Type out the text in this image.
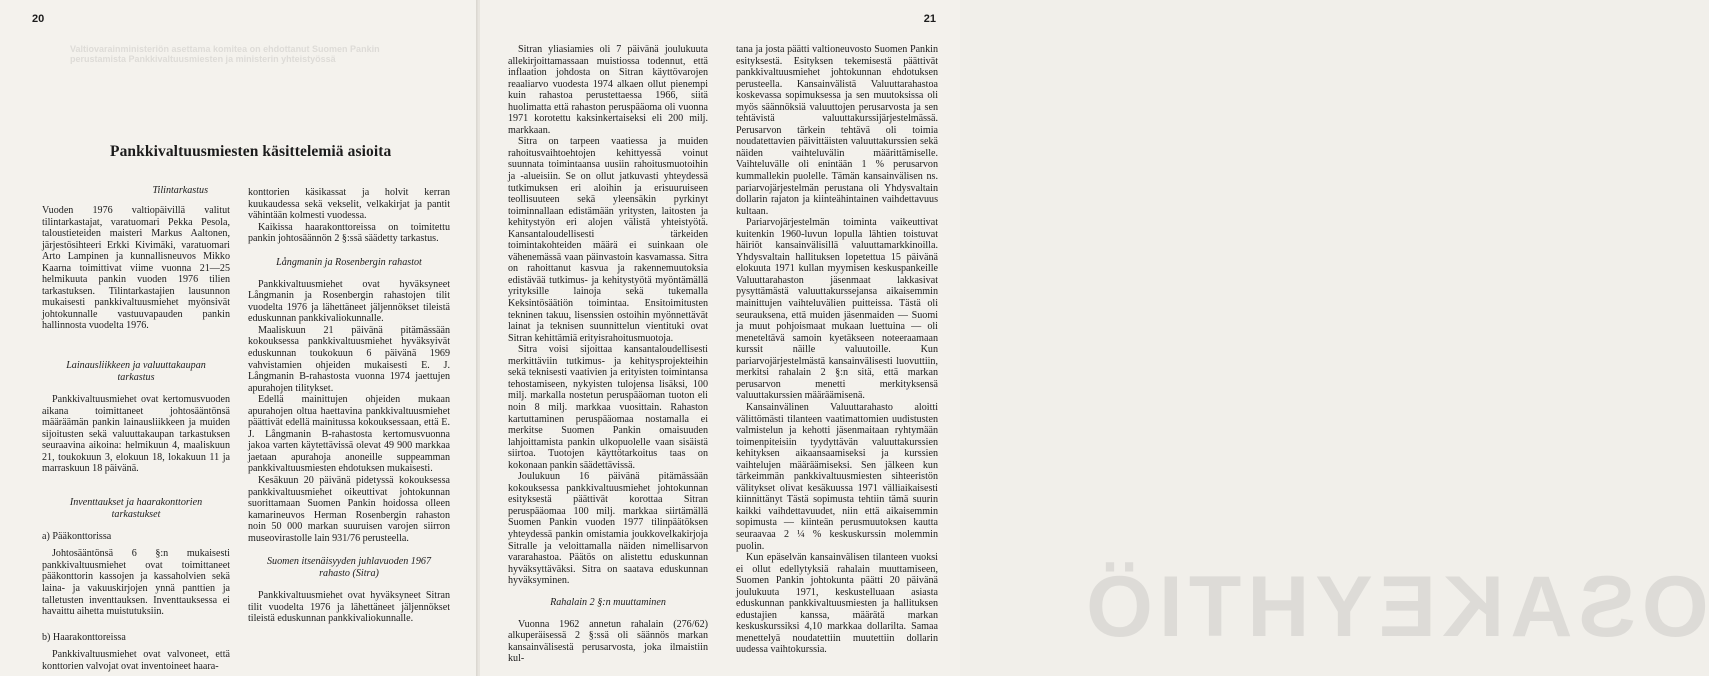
Valtiovarainministeriön asettama komitea on ehdottanut Suomen Pankin perustamista Pankkivaltuusmiesten ja ministerin yhteistyössä
20
Pankkivaltuusmiesten käsittelemiä asioita
Tilintarkastus

Vuoden 1976 valtiopäivillä valitut tilintarkastajat, varatuomari Pekka Pesola, taloustieteiden maisteri Markus Aaltonen, järjestösihteeri Erkki Kivimäki, varatuomari Arto Lampinen ja kunnallisneuvos Mikko Kaarna toimittivat viime vuonna 21—25 helmikuuta pankin vuoden 1976 tilien tarkastuksen. Tilintarkastajien lausunnon mukaisesti pankkivaltuusmiehet myönsivät johtokunnalle vastuuvapauden pankin hallinnosta vuodelta 1976.

Lainausliikkeen ja valuuttakaupan
tarkastus

Pankkivaltuusmiehet ovat kertomusvuoden aikana toimittaneet johtosääntönsä määräämän pankin lainausliikkeen ja muiden sijoitusten sekä valuuttakaupan tarkastuksen seuraavina aikoina: helmikuun 4, maaliskuun 21, toukokuun 3, elokuun 18, lokakuun 11 ja marraskuun 18 päivänä.

Inventtaukset ja haarakonttorien
tarkastukset

a) Pääkonttorissa

Johtosääntönsä 6 §:n mukaisesti pankkivaltuusmiehet ovat toimittaneet pääkonttorin kassojen ja kassaholvien sekä laina- ja vakuuskirjojen ynnä panttien ja talletusten inventtauksen. Inventtauksessa ei havaittu aihetta muistutuksiin.

b) Haarakonttoreissa

Pankkivaltuusmiehet ovat valvoneet, että konttorien valvojat ovat inventoineet haara-

konttorien käsikassat ja holvit kerran kuukaudessa sekä vekselit, velkakirjat ja pantit vähintään kolmesti vuodessa.

Kaikissa haarakonttoreissa on toimitettu pankin johtosäännön 2 §:ssä säädetty tarkastus.

Långmanin ja Rosenbergin rahastot

Pankkivaltuusmiehet ovat hyväksyneet Långmanin ja Rosenbergin rahastojen tilit vuodelta 1976 ja lähettäneet jäljennökset tileistä eduskunnan pankkivaliokunnalle.

Maaliskuun 21 päivänä pitämässään kokouksessa pankkivaltuusmiehet hyväksyivät eduskunnan toukokuun 6 päivänä 1969 vahvistamien ohjeiden mukaisesti E. J. Långmanin B-rahastosta vuonna 1974 jaettujen apurahojen tilitykset.

Edellä mainittujen ohjeiden mukaan apurahojen oltua haettavina pankkivaltuusmiehet päättivät edellä mainitussa kokouksessaan, että E. J. Långmanin B-rahastosta kertomusvuonna jakoa varten käytettävissä olevat 49 900 markkaa jaetaan apurahoja anoneille suppeamman pankkivaltuusmiesten ehdotuksen mukaisesti.

Kesäkuun 20 päivänä pidetyssä kokouksessa pankkivaltuusmiehet oikeuttivat johtokunnan suorittamaan Suomen Pankin hoidossa olleen kamarineuvos Herman Rosenbergin rahaston noin 50 000 markan suuruisen varojen siirron museovirastolle lain 931/76 perusteella.

Suomen itsenäisyyden juhlavuoden 1967
rahasto (Sitra)

Pankkivaltuusmiehet ovat hyväksyneet Sitran tilit vuodelta 1976 ja lähettäneet jäljennökset tileistä eduskunnan pankkivaliokunnalle.	OSAKEYHTIÖ
21

Sitran yliasiamies oli 7 päivänä joulukuuta allekirjoittamassaan muistiossa todennut, että inflaation johdosta on Sitran käyttövarojen reaaliarvo vuodesta 1974 alkaen ollut pienempi kuin rahastoa perustettaessa 1966, siitä huolimatta että rahaston peruspääoma oli vuonna 1971 korotettu kaksinkertaiseksi eli 200 milj. markkaan.

Sitra on tarpeen vaatiessa ja muiden rahoitusvaihtoehtojen kehittyessä voinut suunnata toimintaansa uusiin rahoitusmuotoihin ja -alueisiin. Se on ollut jatkuvasti yhteydessä tutkimuksen eri aloihin ja erisuuruiseen teollisuuteen sekä yleensäkin pyrkinyt toiminnallaan edistämään yritysten, laitosten ja kehitystyön eri alojen välistä yhteistyötä. Kansantaloudellisesti tärkeiden toimintakohteiden määrä ei suinkaan ole vähenemässä vaan päinvastoin kasvamassa. Sitra on rahoittanut kasvua ja rakennemuutoksia edistävää tutkimus- ja kehitystyötä myöntämällä yrityksille lainoja sekä tukemalla Keksintösäätiön toimintaa. Ensitoimitusten tekninen takuu, lisenssien ostoihin myönnettävät lainat ja teknisen suunnittelun vientituki ovat Sitran kehittämiä erityisrahoitusmuotoja.

Sitra voisi sijoittaa kansantaloudellisesti merkittäviin tutkimus- ja kehitysprojekteihin sekä teknisesti vaativien ja erityisten toimintansa tehostamiseen, nykyisten tulojensa lisäksi, 100 milj. markalla nostetun peruspääoman tuoton eli noin 8 milj. markkaa vuosittain. Rahaston kartuttaminen peruspääomaa nostamalla ei merkitse Suomen Pankin omaisuuden lahjoittamista pankin ulkopuolelle vaan sisäistä siirtoa. Tuotojen käyttötarkoitus taas on kokonaan pankin säädettävissä.

Joulukuun 16 päivänä pitämässään kokouksessa pankkivaltuusmiehet johtokunnan esityksestä päättivät korottaa Sitran peruspääomaa 100 milj. markkaa siirtämällä Suomen Pankin vuoden 1977 tilinpäätöksen yhteydessä pankin omistamia joukkovelkakirjoja Sitralle ja veloittamalla näiden nimellisarvon vararahastoa. Päätös on alistettu eduskunnan hyväksyttäväksi. Sitra on saatava eduskunnan hyväksyminen.

Rahalain 2 §:n muuttaminen

Vuonna 1962 annetun rahalain (276/62) alkuperäisessä 2 §:ssä oli säännös markan kansainvälisestä perusarvosta, joka ilmaistiin kul-

tana ja josta päätti valtioneuvosto Suomen Pankin esityksestä. Esityksen tekemisestä päättivät pankkivaltuusmiehet johtokunnan ehdotuksen perusteella. Kansainvälistä Valuuttarahastoa koskevassa sopimuksessa ja sen muutoksissa oli myös säännöksiä valuuttojen perusarvosta ja sen tehtävistä valuuttakurssijärjestelmässä. Perusarvon tärkein tehtävä oli toimia noudatettavien päivittäisten valuuttakurssien sekä näiden vaihteluvälin määrittämiselle. Vaihteluvälle oli enintään 1 % perusarvon kummallekin puolelle. Tämän kansainvälisen ns. pariarvojärjestelmän perustana oli Yhdysvaltain dollarin rajaton ja kiinteähintainen vaihdettavuus kultaan.

Pariarvojärjestelmän toiminta vaikeuttivat kuitenkin 1960-luvun lopulla lähtien toistuvat häiriöt kansainvälisillä valuuttamarkkinoilla. Yhdysvaltain hallituksen lopetettua 15 päivänä elokuuta 1971 kullan myymisen keskuspankeille Valuuttarahaston jäsenmaat lakkasivat pysyttämästä valuuttakurssejansa aikaisemmin mainittujen vaihteluvälien puitteissa. Tästä oli seurauksena, että muiden jäsenmaiden — Suomi ja muut pohjoismaat mukaan luettuina — oli meneteltävä samoin kyetäkseen noteeraamaan kurssit näille valuutoille. Kun pariarvojärjestelmästä kansainvälisesti luovuttiin, merkitsi rahalain 2 §:n sitä, että markan perusarvon menetti merkityksensä valuuttakurssien määräämisenä.

Kansainvälinen Valuuttarahasto aloitti välittömästi tilanteen vaatimattomien uudistusten valmistelun ja kehotti jäsenmaitaan ryhtymään toimenpiteisiin tyydyttävän valuuttakurssien kehityksen aikaansaamiseksi ja kurssien vaihtelujen määräämiseksi. Sen jälkeen kun tärkeimmän pankkivaltuusmiesten sihteeristön välitykset olivat kesäkuussa 1971 välliaikaisesti kiinnittänyt Tästä sopimusta tehtiin tämä suurin kaikki vaihdettavuudet, niin että aikaisemmin sopimusta — kiinteän perusmuutoksen kautta seuraavaa 2 ¼ % keskuskurssin molemmin puolin.

Kun epäselvän kansainvälisen tilanteen vuoksi ei ollut edellytyksiä rahalain muuttamiseen, Suomen Pankin johtokunta päätti 20 päivänä joulukuuta 1971, keskustelluaan asiasta eduskunnan pankkivaltuusmiesten ja hallituksen edustajien kanssa, määrätä markan keskuskurssiksi 4,10 markkaa dollarilta. Samaa menettelyä noudatettiin muutettiin dollarin uudessa vaihtokurssia.
